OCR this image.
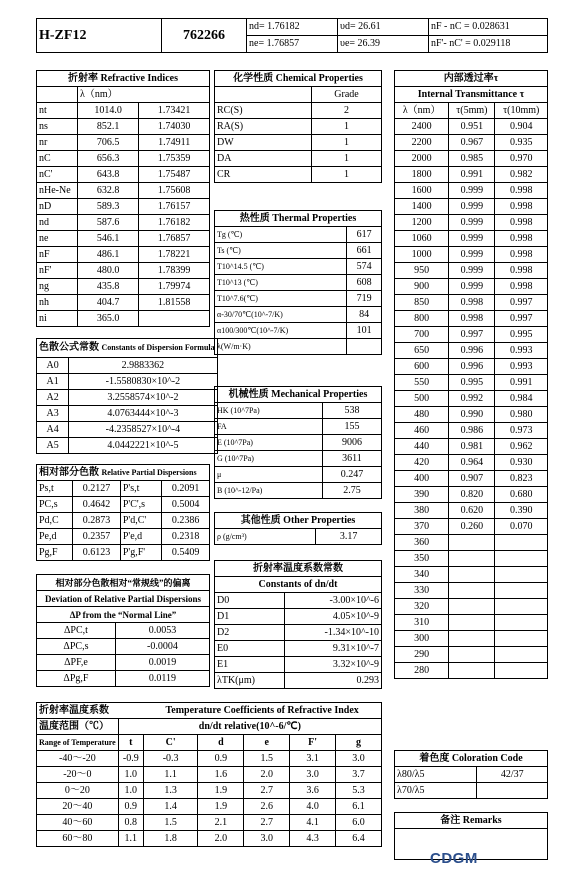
H-ZF12	762266	nd= 1.76182	υd= 26.61	nF - nC = 0.028631
		ne= 1.76857	υe= 26.39	nF'- nC' = 0.029118
折射率 Refractive Indices		
	λ（nm）	
nt	1014.0	1.73421
ns	852.1	1.74030
nr	706.5	1.74911
nC	656.3	1.75359
nC'	643.8	1.75487
nHe-Ne	632.8	1.75608
nD	589.3	1.76157
nd	587.6	1.76182
ne	546.1	1.76857
nF	486.1	1.78221
nF'	480.0	1.78399
ng	435.8	1.79974
nh	404.7	1.81558
ni	365.0	
化学性质 Chemical Properties	
	Grade
RC(S)	2
RA(S)	1
DW	1
DA	1
CR	1
热性质 Thermal Properties	
Tg (℃)	617
Ts (℃)	661
T10^14.5 (℃)	574
T10^13 (℃)	608
T10^7.6(℃)	719
α-30/70℃(10^-7/K)	84
α100/300℃(10^-7/K)	101
λ(W/m·K)	
色散公式常数 Constants of Dispersion Formula	
A0	2.9883362
A1	-1.5580830×10^-2
A2	3.2558574×10^-2
A3	4.0763444×10^-3
A4	-4.2358527×10^-4
A5	4.0442221×10^-5
机械性质 Mechanical Properties	
HK (10^7Pa)	538
FA	155
E (10^7Pa)	9006
G (10^7Pa)	3611
μ	0.247
B (10^-12/Pa)	2.75
相对部分色散 Relative Partial Dispersions			
Ps,t	0.2127	P's,t	0.2091
PC,s	0.4642	P'C',s	0.5004
Pd,C	0.2873	P'd,C'	0.2386
Pe,d	0.2357	P'e,d	0.2318
Pg,F	0.6123	P'g,F'	0.5409
其他性质 Other Properties
ρ (g/cm³)	3.17
相对部分色散相对“常规线”的偏离	
Deviation of Relative Partial Dispersions	
ΔP from the “Normal Line”	
ΔPC,t	0.0053
ΔPC,s	-0.0004
ΔPF,e	0.0019
ΔPg,F	0.0119
折射率温度系数常数	
Constants of dn/dt	
D0	-3.00×10^-6
D1	4.05×10^-9
D2	-1.34×10^-10
E0	9.31×10^-7
E1	3.32×10^-9
λTK(μm)	0.293
内部透过率τ		
Internal Transmittance τ		
λ（nm）	τ(5mm)	τ(10mm)
2400	0.951	0.904
2200	0.967	0.935
2000	0.985	0.970
1800	0.991	0.982
1600	0.999	0.998
1400	0.999	0.998
1200	0.999	0.998
1060	0.999	0.998
1000	0.999	0.998
950	0.999	0.998
900	0.999	0.998
850	0.998	0.997
800	0.998	0.997
700	0.997	0.995
650	0.996	0.993
600	0.996	0.993
550	0.995	0.991
500	0.992	0.984
480	0.990	0.980
460	0.986	0.973
440	0.981	0.962
420	0.964	0.930
400	0.907	0.823
390	0.820	0.680
380	0.620	0.390
370	0.260	0.070
360		
350		
340		
330		
320		
310		
300		
290		
280		
折射率温度系数		Temperature Coefficients of Refractive Index				
温度范围（℃）	dn/dt relative(10^-6/℃)					
Range of Temperature	t	C'	d	e	F'	g
-40～-20	-0.9	-0.3	0.9	1.5	3.1	3.0
-20～0	1.0	1.1	1.6	2.0	3.0	3.7
0～20	1.0	1.3	1.9	2.7	3.6	5.3
20～40	0.9	1.4	1.9	2.6	4.0	6.1
40～60	0.8	1.5	2.1	2.7	4.1	6.0
60～80	1.1	1.8	2.0	3.0	4.3	6.4
着色度 Coloration Code	
λ80/λ5	42/37
λ70/λ5	
备注 Remarks

CDGM
